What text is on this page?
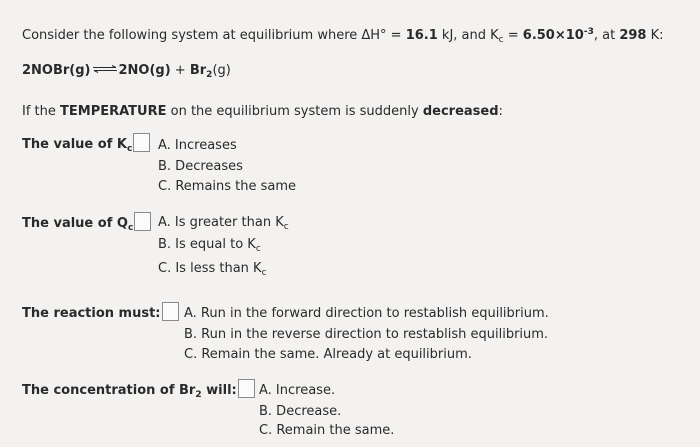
Consider the following system at equilibrium where ΔH° = 16.1 kJ, and $K_c = 6.50\times 10^{-3}$, at 298 K:
2NOBr(g)⇌2NO(g) + $Br_2(g)$
If the TEMPERATURE on the equilibrium system is suddenly decreased:
The value of $K_c$	A. Increases
B. Decreases
C. Remains the same
The value of $Q_c$	A. Is greater than $K_c$
B. Is equal to $K_c$
C. Is less than $K_c$
The reaction must:	A. Run in the forward direction to restablish equilibrium.
B. Run in the reverse direction to restablish equilibrium.
C. Remain the same. Already at equilibrium.
The concentration of $Br_2$ will:	A. Increase.
B. Decrease.
C. Remain the same.
